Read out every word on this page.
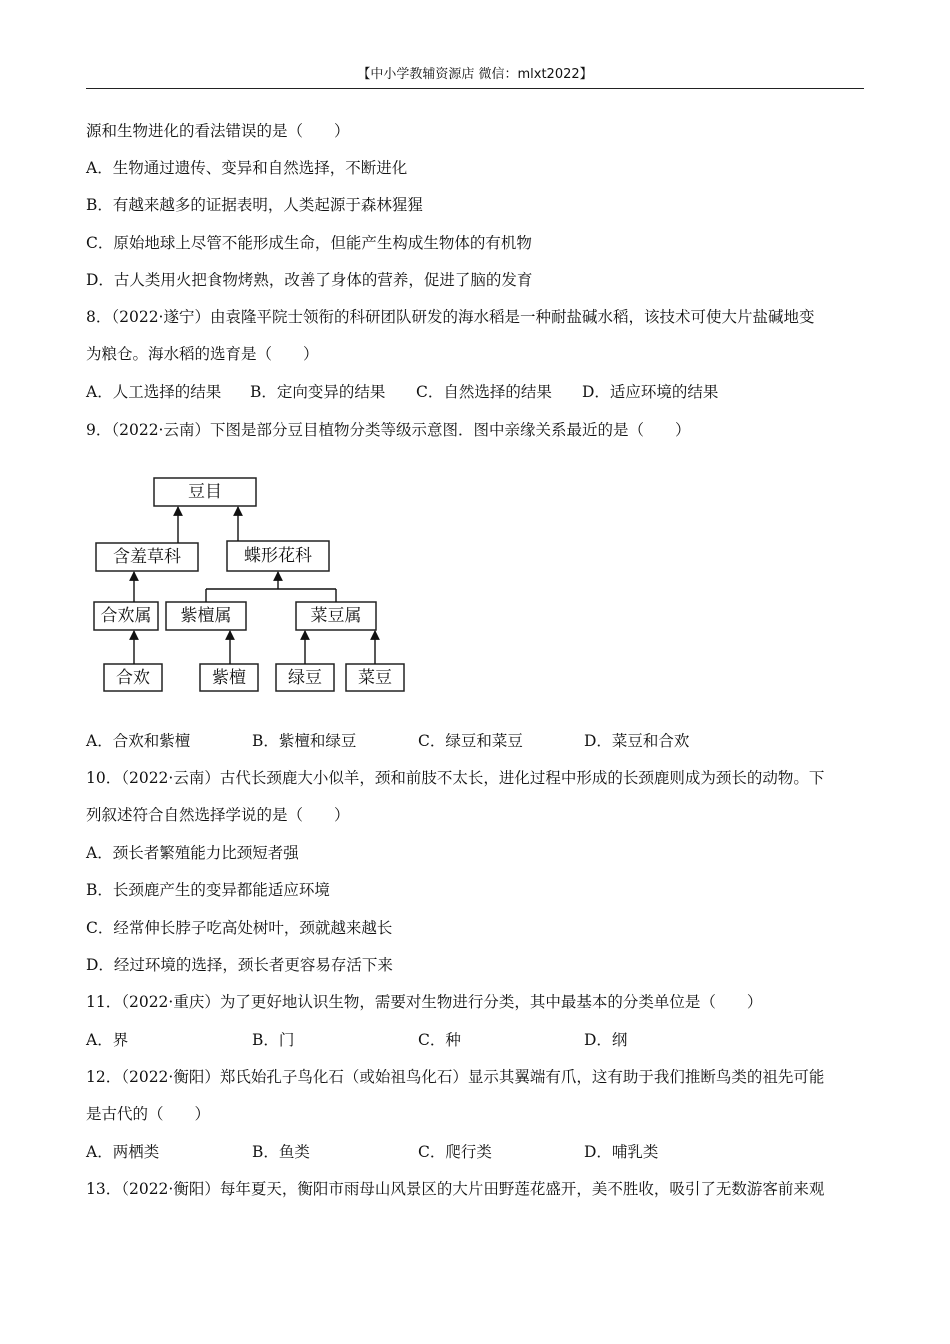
【中小学教辅资源店 微信：mlxt2022】
源和生物进化的看法错误的是（　　）
A．生物通过遗传、变异和自然选择，不断进化
B．有越来越多的证据表明，人类起源于森林猩猩
C．原始地球上尽管不能形成生命，但能产生构成生物体的有机物
D．古人类用火把食物烤熟，改善了身体的营养，促进了脑的发育
8．（2022·遂宁）由袁隆平院士领衔的科研团队研发的海水稻是一种耐盐碱水稻，该技术可使大片盐碱地变
为粮仓。海水稻的选育是（　　）
A．人工选择的结果 B．定向变异的结果 C．自然选择的结果 D．适应环境的结果
9．（2022·云南）下图是部分豆目植物分类等级示意图．图中亲缘关系最近的是（　　）
豆目
含羞草科	蝶形花科
合欢属 紫檀属	菜豆属
合欢	紫檀 绿豆 菜豆
A．合欢和紫檀	B．紫檀和绿豆	C．绿豆和菜豆	D．菜豆和合欢
10．（2022·云南）古代长颈鹿大小似羊，颈和前肢不太长，进化过程中形成的长颈鹿则成为颈长的动物。下
列叙述符合自然选择学说的是（　　）
A．颈长者繁殖能力比颈短者强
B．长颈鹿产生的变异都能适应环境
C．经常伸长脖子吃高处树叶，颈就越来越长
D．经过环境的选择，颈长者更容易存活下来
11．（2022·重庆）为了更好地认识生物，需要对生物进行分类，其中最基本的分类单位是（　　）
A．界	B．门	C．种	D．纲
12．（2022·衡阳）郑氏始孔子鸟化石（或始祖鸟化石）显示其翼端有爪，这有助于我们推断鸟类的祖先可能
是古代的（　　）
A．两栖类	B．鱼类	C．爬行类	D．哺乳类
13．（2022·衡阳）每年夏天，衡阳市雨母山风景区的大片田野莲花盛开，美不胜收，吸引了无数游客前来观
